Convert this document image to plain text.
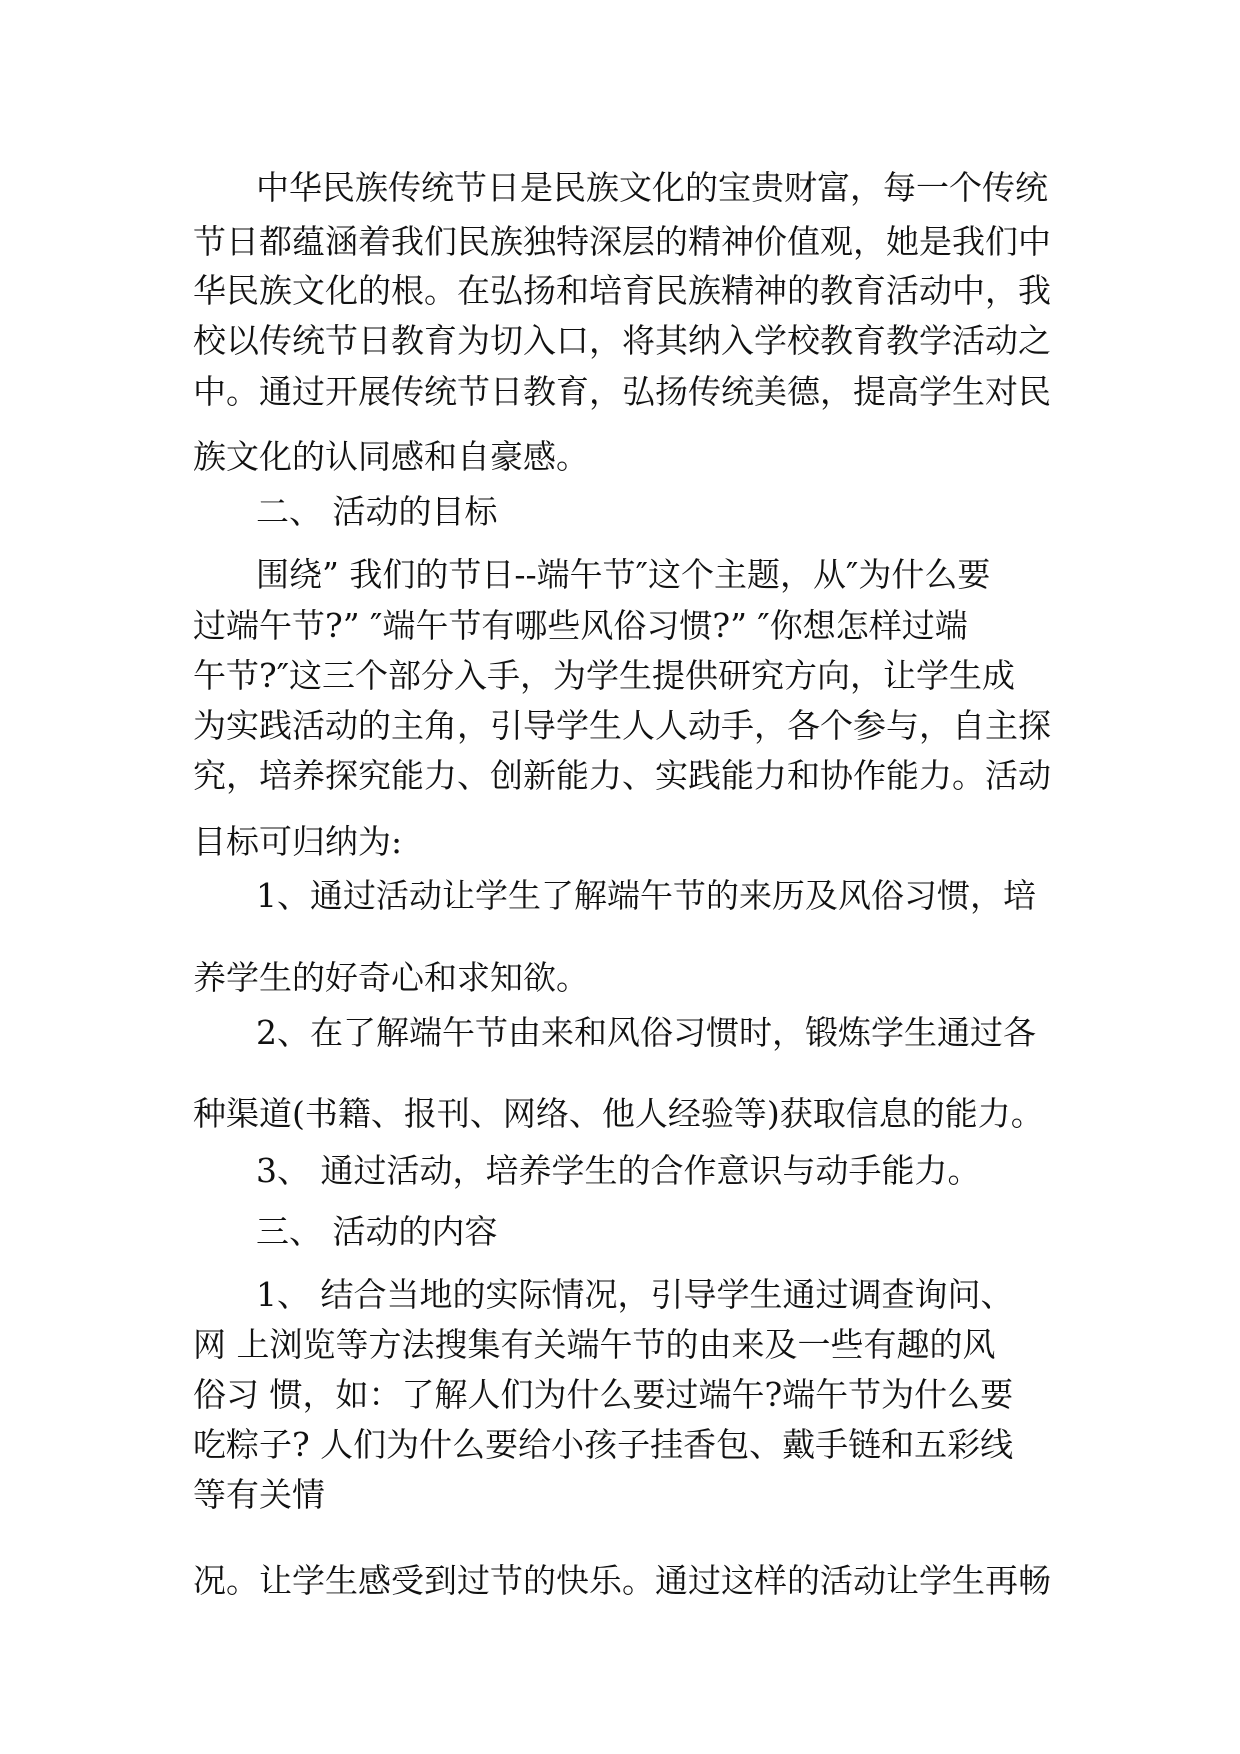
中华民族传统节日是民族文化的宝贵财富，每一个传统

节日都蕴涵着我们民族独特深层的精神价值观，她是我们中

华民族文化的根。在弘扬和培育民族精神的教育活动中，我

校以传统节日教育为切入口，将其纳入学校教育教学活动之

中。通过开展传统节日教育，弘扬传统美德，提高学生对民

族文化的认同感和自豪感。

二、 活动的目标

围绕” 我们的节日--端午节″这个主题，从″为什么要

过端午节?” ″端午节有哪些风俗习惯?” ″你想怎样过端

午节?″这三个部分入手，为学生提供研究方向，让学生成

为实践活动的主角，引导学生人人动手，各个参与，自主探

究，培养探究能力、创新能力、实践能力和协作能力。活动

目标可归纳为:

1、通过活动让学生了解端午节的来历及风俗习惯，培

养学生的好奇心和求知欲。

2、在了解端午节由来和风俗习惯时，锻炼学生通过各

种渠道(书籍、报刊、网络、他人经验等)获取信息的能力。

3、 通过活动，培养学生的合作意识与动手能力。

三、 活动的内容

1、 结合当地的实际情况，引导学生通过调查询问、

网 上浏览等方法搜集有关端午节的由来及一些有趣的风

俗习 惯，如：了解人们为什么要过端午?端午节为什么要

吃粽子? 人们为什么要给小孩子挂香包、戴手链和五彩线

等有关情

况。让学生感受到过节的快乐。通过这样的活动让学生再畅
